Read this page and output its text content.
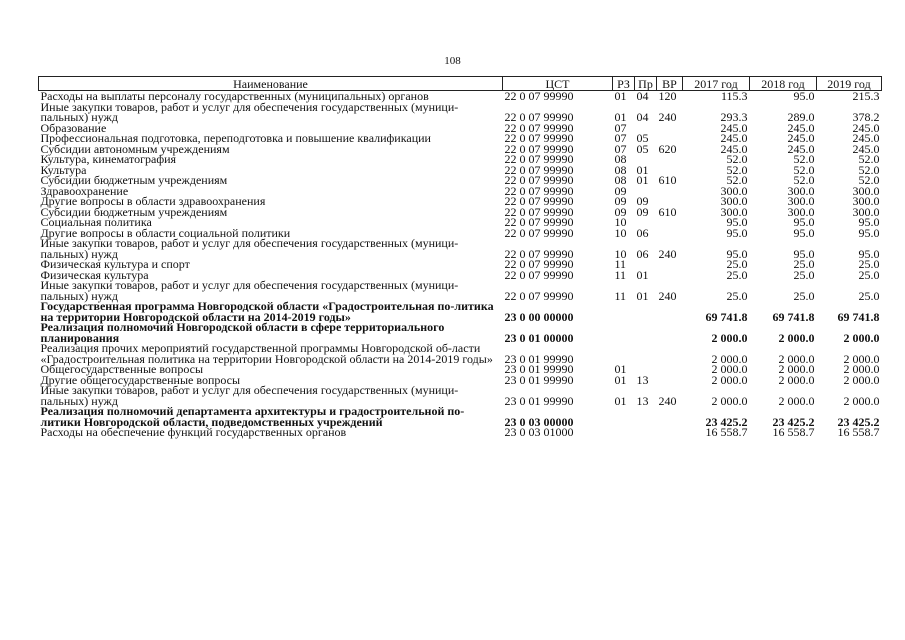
108
Наименование	ЦСТ	РЗ	Пр	ВР	2017 год	2018 год	2019 год
Расходы на выплаты персоналу государственных (муниципальных) органов	22 0 07 99990	01	04	120	115.3	95.0	215.3
Иные закупки товаров, работ и услуг для обеспечения государственных (муници-пальных) нужд	22 0 07 99990	01	04	240	293.3	289.0	378.2
Образование	22 0 07 99990	07			245.0	245.0	245.0
Профессиональная подготовка, переподготовка и повышение квалификации	22 0 07 99990	07	05		245.0	245.0	245.0
Субсидии автономным учреждениям	22 0 07 99990	07	05	620	245.0	245.0	245.0
Культура, кинематография	22 0 07 99990	08			52.0	52.0	52.0
Культура	22 0 07 99990	08	01		52.0	52.0	52.0
Субсидии бюджетным учреждениям	22 0 07 99990	08	01	610	52.0	52.0	52.0
Здравоохранение	22 0 07 99990	09			300.0	300.0	300.0
Другие вопросы в области здравоохранения	22 0 07 99990	09	09		300.0	300.0	300.0
Субсидии бюджетным учреждениям	22 0 07 99990	09	09	610	300.0	300.0	300.0
Социальная политика	22 0 07 99990	10			95.0	95.0	95.0
Другие вопросы в области социальной политики	22 0 07 99990	10	06		95.0	95.0	95.0
Иные закупки товаров, работ и услуг для обеспечения государственных (муници-пальных) нужд	22 0 07 99990	10	06	240	95.0	95.0	95.0
Физическая культура и спорт	22 0 07 99990	11			25.0	25.0	25.0
Физическая культура	22 0 07 99990	11	01		25.0	25.0	25.0
Иные закупки товаров, работ и услуг для обеспечения государственных (муници-пальных) нужд	22 0 07 99990	11	01	240	25.0	25.0	25.0
Государственная программа Новгородской области «Градостроительная по-литика на территории Новгородской области на 2014-2019 годы»	23 0 00 00000				69 741.8	69 741.8	69 741.8
Реализация полномочий Новгородской области в сфере территориального планирования	23 0 01 00000				2 000.0	2 000.0	2 000.0
Реализация прочих мероприятий государственной программы Новгородской об-ласти «Градостроительная политика на территории Новгородской области на 2014-2019 годы»	23 0 01 99990				2 000.0	2 000.0	2 000.0
Общегосударственные вопросы	23 0 01 99990	01			2 000.0	2 000.0	2 000.0
Другие общегосударственные вопросы	23 0 01 99990	01	13		2 000.0	2 000.0	2 000.0
Иные закупки товаров, работ и услуг для обеспечения государственных (муници-пальных) нужд	23 0 01 99990	01	13	240	2 000.0	2 000.0	2 000.0
Реализация полномочий департамента архитектуры и градостроительной по-литики Новгородской области, подведомственных учреждений	23 0 03 00000				23 425.2	23 425.2	23 425.2
Расходы на обеспечение функций государственных органов	23 0 03 01000				16 558.7	16 558.7	16 558.7
